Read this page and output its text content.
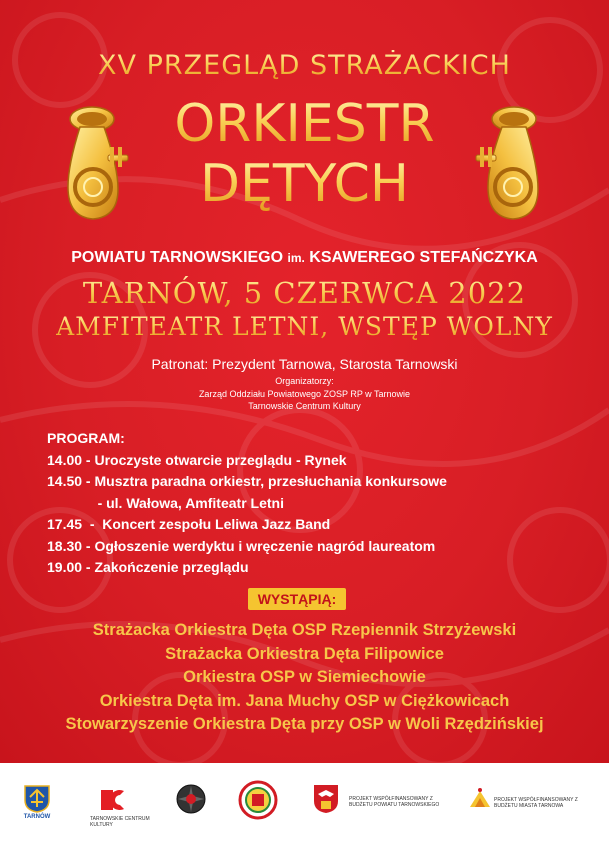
XV PRZEGLĄD STRAŻACKICH
ORKIESTR
DĘTYCH
POWIATU TARNOWSKIEGO im. KSAWEREGO STEFAŃCZYKA
TARNÓW, 5 CZERWCA 2022
AMFITEATR LETNI, WSTĘP WOLNY
Patronat: Prezydent Tarnowa, Starosta Tarnowski
Organizatorzy:
Zarząd Oddziału Powiatowego ZOSP RP w Tarnowie
Tarnowskie Centrum Kultury
PROGRAM:
14.00 - Uroczyste otwarcie przeglądu - Rynek
14.50 - Musztra paradna orkiestr, przesłuchania konkursowe
- ul. Wałowa, Amfiteatr Letni
17.45  -  Koncert zespołu Leliwa Jazz Band
18.30 - Ogłoszenie werdyktu i wręczenie nagród laureatom
19.00 - Zakończenie przeglądu
WYSTĄPIĄ:
Strażacka Orkiestra Dęta OSP Rzepiennik Strzyżewski
Strażacka Orkiestra Dęta Filipowice
Orkiestra OSP w Siemiechowie
Orkiestra Dęta im. Jana Muchy OSP w Ciężkowicach
Stowarzyszenie Orkiestra Dęta przy OSP w Woli Rzędzińskiej
TARNÓW	TARNOWSKIE CENTRUM KULTURY
PROJEKT WSPÓŁFINANSOWANY Z BUDŻETU POWIATU TARNOWSKIEGO
PROJEKT WSPÓŁFINANSOWANY Z BUDŻETU MIASTA TARNOWA
